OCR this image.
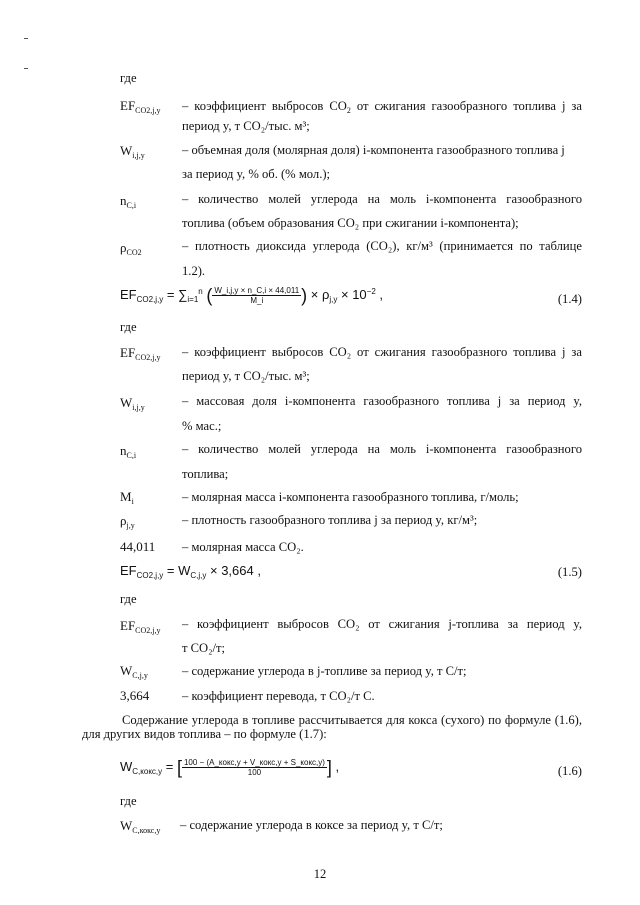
где
$EF_{CO2,j,y}$ – коэффициент выбросов $CO_2$ от сжигания газообразного топлива j за
период y, т CO₂/тыс. м³;
$W_{i,j,y}$	– объемная доля (молярная доля) i-компонента газообразного топлива j
за период y, % об. (% мол.);
$n_{C,i}$	– количество молей углерода на моль i-компонента газообразного
топлива (объем образования CO₂ при сжигании i-компонента);
$\rho_{CO2}$	– плотность диоксида углерода (CO₂), кг/м³ (принимается по таблице
1.2).
$EF_{CO2,j,y} = \sum_{i=1}^n$ ( $\frac{W\_i,j,y \times n\_C,i \times 44,011}{M\_i}$ ) × $\rho_{j,y} \times 10^{-2}$ ,	(1.4)
где
$EF_{CO2,j,y}$ – коэффициент выбросов CO₂ от сжигания газообразного топлива j за
период y, т CO₂/тыс. м³;
$W_{i,j,y}$	– массовая доля i-компонента газообразного топлива j за период y,
% мас.;
$n_{C,i}$	– количество молей углерода на моль i-компонента газообразного
топлива;
$M_i$	– молярная масса i-компонента газообразного топлива, г/моль;
$\rho_{j,y}$	– плотность газообразного топлива j за период y, кг/м³;
44,011 – молярная масса CO₂.
$EF_{CO2,j,y} = W_{C,j,y} \times 3,664$ ,	(1.5)
где
$EF_{CO2,j,y}$ – коэффициент выбросов CO₂ от сжигания j-топлива за период y,
т CO₂/т;
$W_{C,j,y}$	– содержание углерода в j-топливе за период y, т C/т;
3,664	– коэффициент перевода, т CO₂/т C.
Содержание углерода в топливе рассчитывается для кокса (сухого) по формуле (1.6), для других видов топлива – по формуле (1.7):
$W_{C,кокс,y}$ = [ $\frac{\text{100 − (A\_кокс,y + V\_кокс,y + S\_кокс,y)}}{100}$ ] ,	(1.6)
где
$W_{C,кокс,y}$ – содержание углерода в коксе за период y, т C/т;
12
